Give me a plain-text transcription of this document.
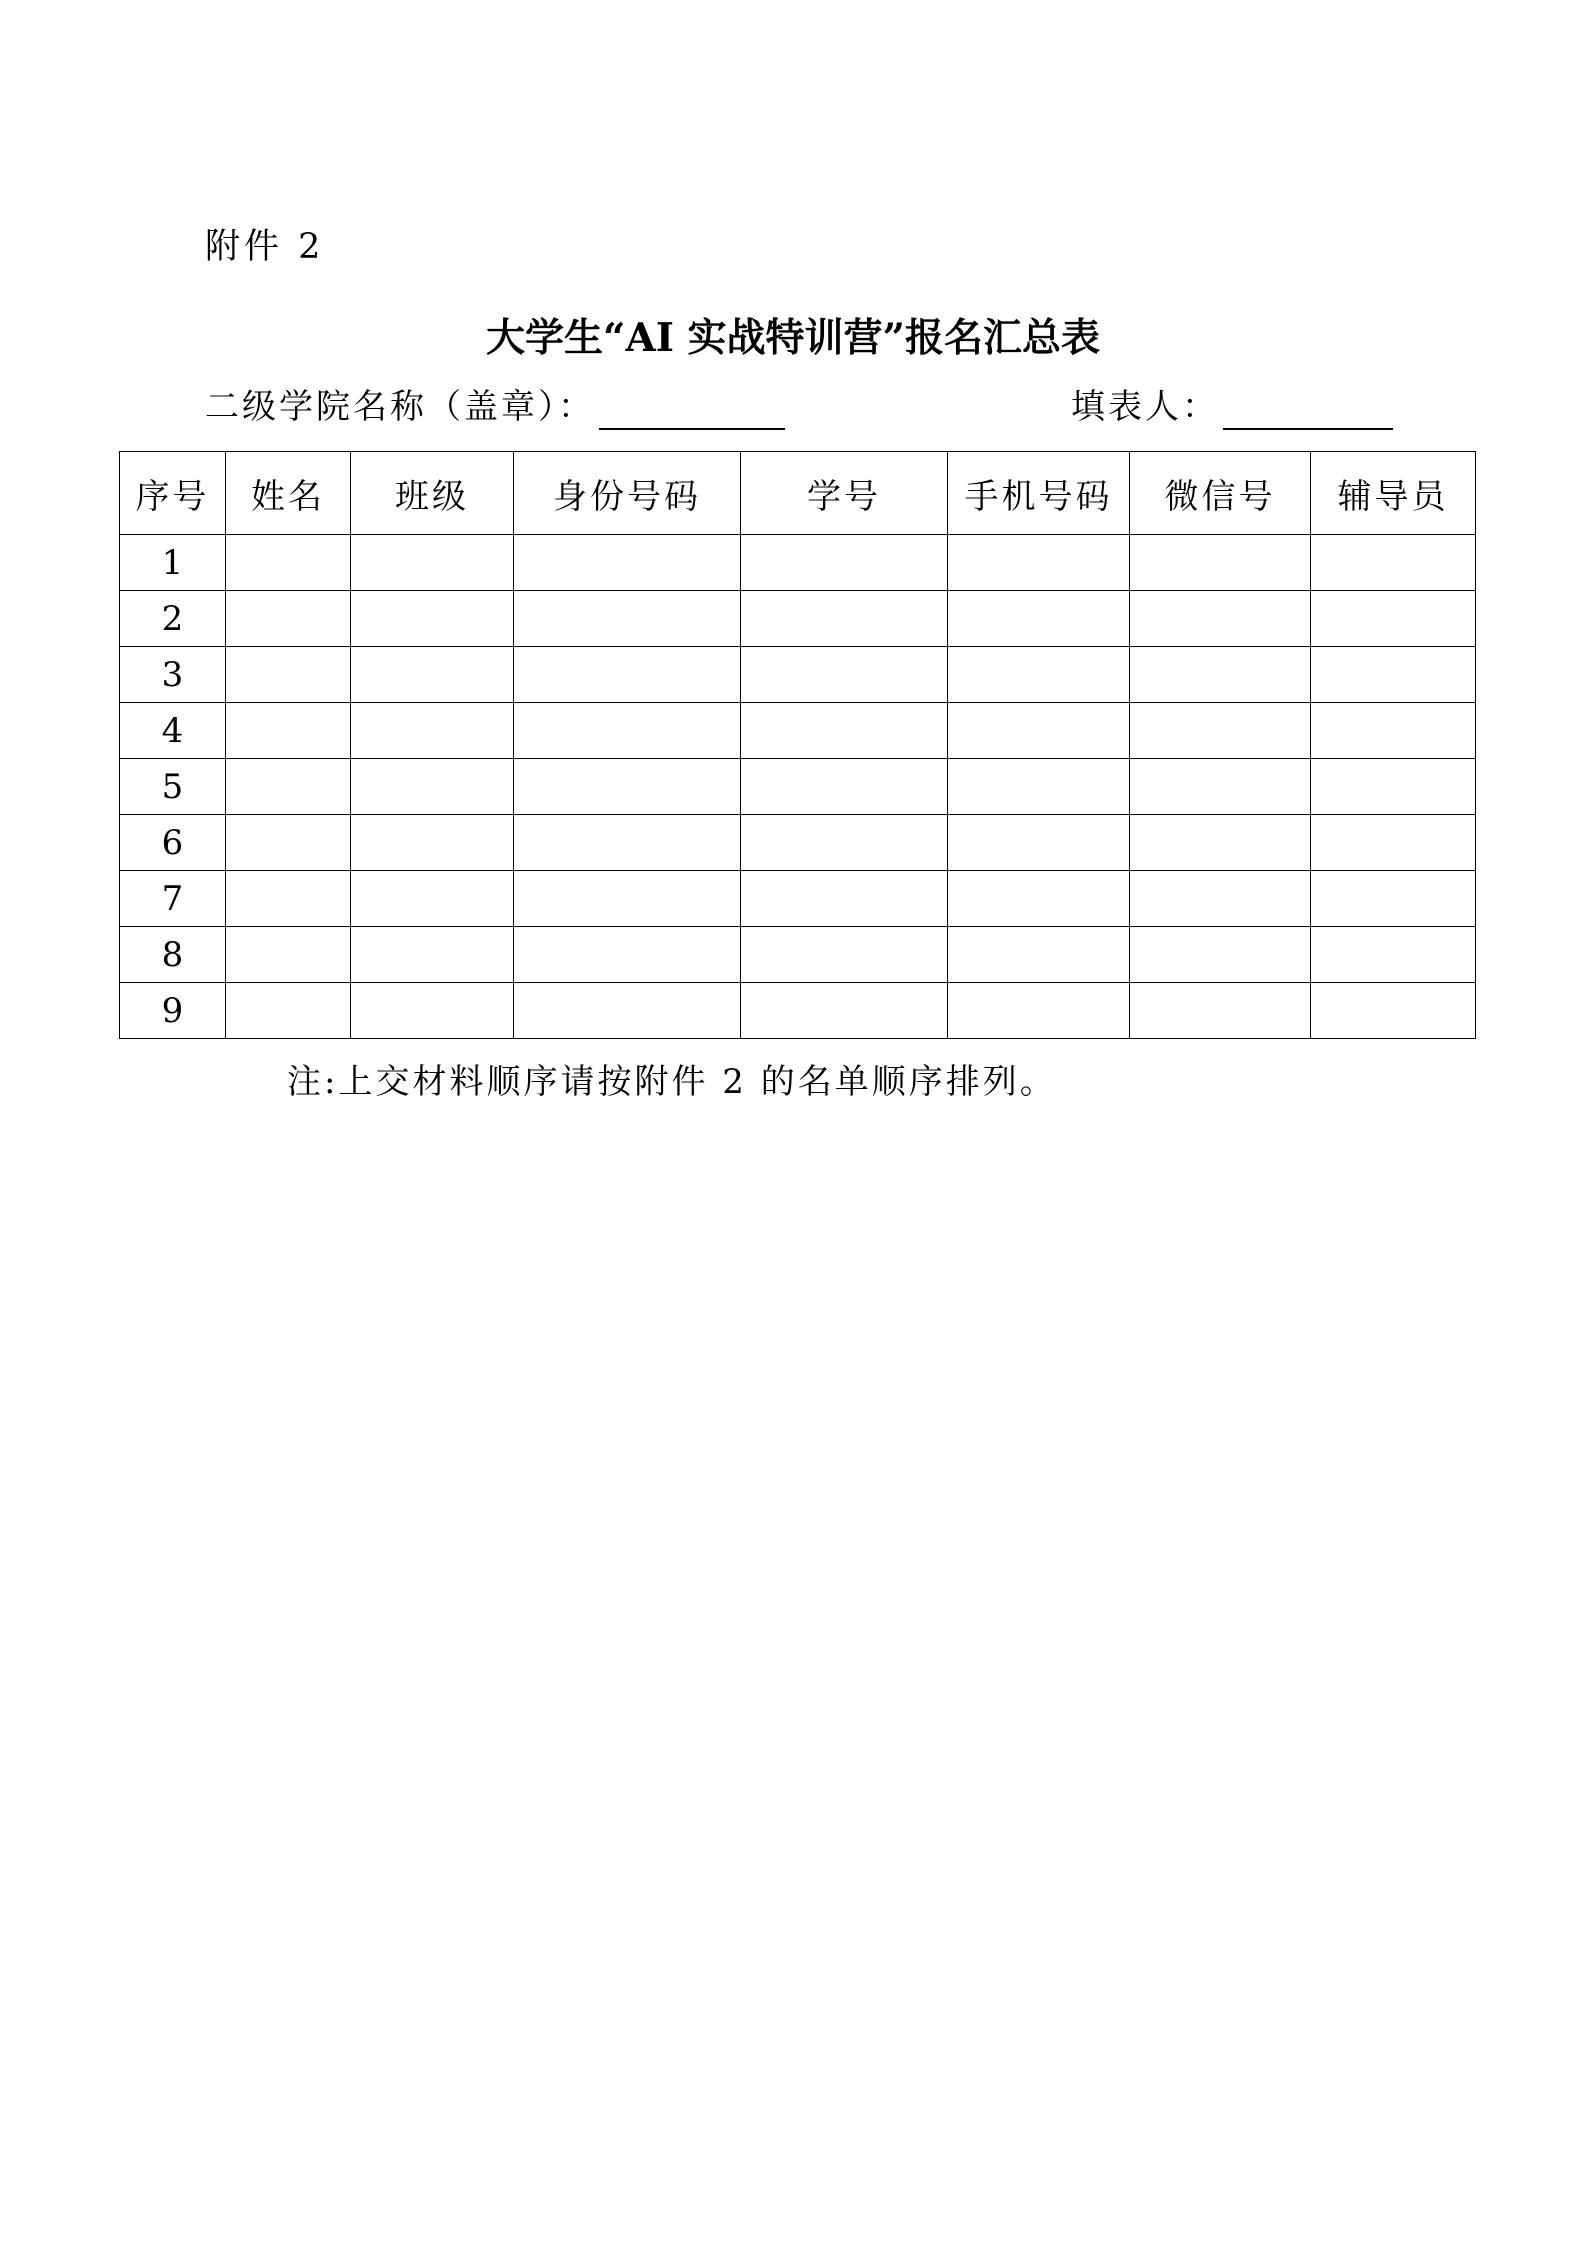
附件 2
大学生“AI 实战特训营”报名汇总表
二级学院名称（盖章）：	填表人：
序号	姓名	班级	身份号码	学号	手机号码	微信号	辅导员
1							
2							
3							
4							
5							
6							
7							
8							
9							
注:上交材料顺序请按附件 2 的名单顺序排列。
